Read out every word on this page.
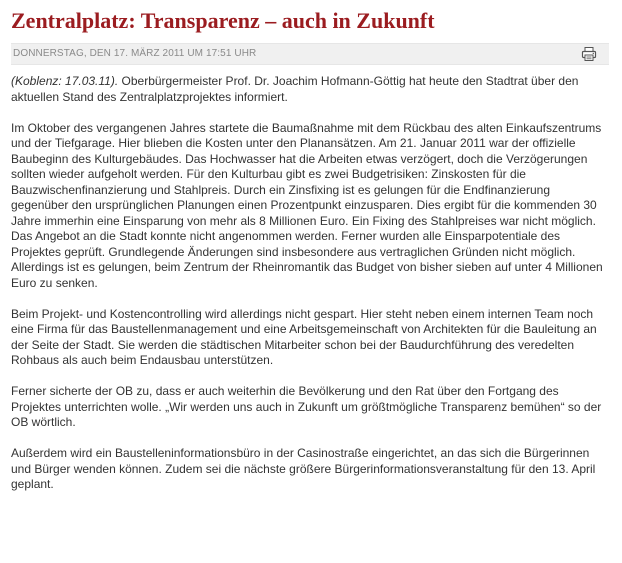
Zentralplatz: Transparenz – auch in Zukunft
DONNERSTAG, DEN 17. MÄRZ 2011 UM 17:51 UHR

(Koblenz: 17.03.11). Oberbürgermeister Prof. Dr. Joachim Hofmann-Göttig hat heute den Stadtrat über den aktuellen Stand des Zentralplatzprojektes informiert.

Im Oktober des vergangenen Jahres startete die Baumaßnahme mit dem Rückbau des alten Einkaufszentrums und der Tiefgarage. Hier blieben die Kosten unter den Planansätzen. Am 21. Januar 2011 war der offizielle Baubeginn des Kulturgebäudes. Das Hochwasser hat die Arbeiten etwas verzögert, doch die Verzögerungen sollten wieder aufgeholt werden. Für den Kulturbau gibt es zwei Budgetrisiken: Zinskosten für die Bauzwischenfinanzierung und Stahlpreis. Durch ein Zinsfixing ist es gelungen für die Endfinanzierung gegenüber den ursprünglichen Planungen einen Prozentpunkt einzusparen. Dies ergibt für die kommenden 30 Jahre immerhin eine Einsparung von mehr als 8 Millionen Euro. Ein Fixing des Stahlpreises war nicht möglich. Das Angebot an die Stadt konnte nicht angenommen werden. Ferner wurden alle Einsparpotentiale des Projektes geprüft. Grundlegende Änderungen sind insbesondere aus vertraglichen Gründen nicht möglich. Allerdings ist es gelungen, beim Zentrum der Rheinromantik das Budget von bisher sieben auf unter 4 Millionen Euro zu senken.

Beim Projekt- und Kostencontrolling wird allerdings nicht gespart. Hier steht neben einem internen Team noch eine Firma für das Baustellenmanagement und eine Arbeitsgemeinschaft von Architekten für die Bauleitung an der Seite der Stadt. Sie werden die städtischen Mitarbeiter schon bei der Baudurchführung des veredelten Rohbaus als auch beim Endausbau unterstützen.

Ferner sicherte der OB zu, dass er auch weiterhin die Bevölkerung und den Rat über den Fortgang des Projektes unterrichten wolle. „Wir werden uns auch in Zukunft um größtmögliche Transparenz bemühen“ so der OB wörtlich.

Außerdem wird ein Baustelleninformationsbüro in der Casinostraße eingerichtet, an das sich die Bürgerinnen und Bürger wenden können. Zudem sei die nächste größere Bürgerinformationsveranstaltung für den 13. April geplant.
